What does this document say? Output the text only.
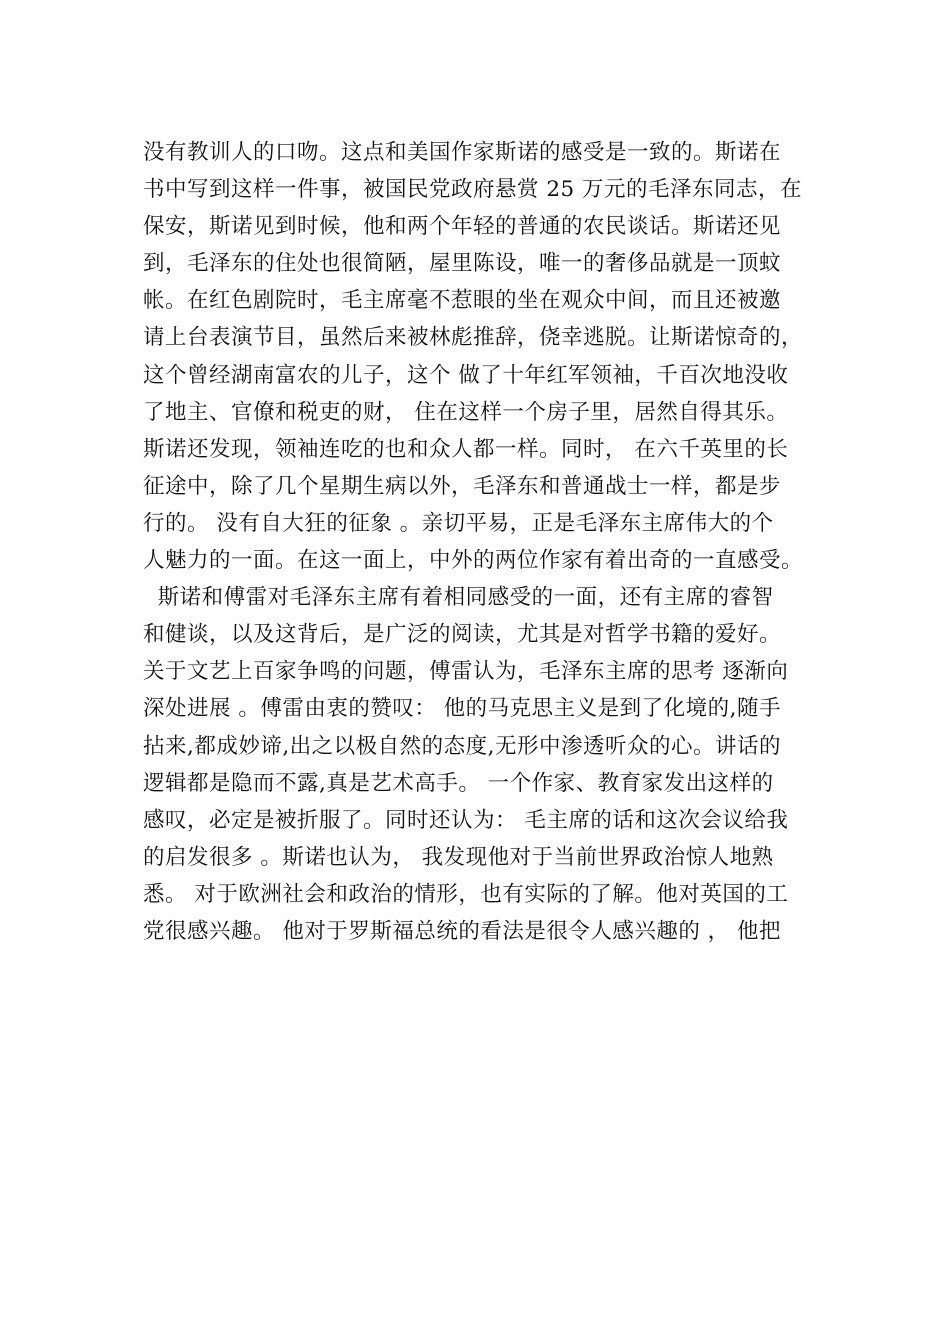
没有教训人的口吻。这点和美国作家斯诺的感受是一致的。斯诺在
书中写到这样一件事，被国民党政府悬赏 25 万元的毛泽东同志，在
保安，斯诺见到时候，他和两个年轻的普通的农民谈话。斯诺还见
到，毛泽东的住处也很简陋，屋里陈设，唯一的奢侈品就是一顶蚊
帐。在红色剧院时，毛主席毫不惹眼的坐在观众中间，而且还被邀
请上台表演节目，虽然后来被林彪推辞，侥幸逃脱。让斯诺惊奇的，
这个曾经湖南富农的儿子，这个 做了十年红军领袖，千百次地没收
了地主、官僚和税吏的财， 住在这样一个房子里，居然自得其乐。
斯诺还发现，领袖连吃的也和众人都一样。同时， 在六千英里的长
征途中，除了几个星期生病以外，毛泽东和普通战士一样，都是步
行的。 没有自大狂的征象 。亲切平易，正是毛泽东主席伟大的个
人魅力的一面。在这一面上，中外的两位作家有着出奇的一直感受。
斯诺和傅雷对毛泽东主席有着相同感受的一面，还有主席的睿智
和健谈，以及这背后，是广泛的阅读，尤其是对哲学书籍的爱好。
关于文艺上百家争鸣的问题，傅雷认为，毛泽东主席的思考 逐渐向
深处进展 。傅雷由衷的赞叹： 他的马克思主义是到了化境的,随手
拈来,都成妙谛,出之以极自然的态度,无形中渗透听众的心。讲话的
逻辑都是隐而不露,真是艺术高手。 一个作家、教育家发出这样的
感叹，必定是被折服了。同时还认为： 毛主席的话和这次会议给我
的启发很多 。斯诺也认为， 我发现他对于当前世界政治惊人地熟
悉。 对于欧洲社会和政治的情形，也有实际的了解。他对英国的工
党很感兴趣。 他对于罗斯福总统的看法是很令人感兴趣的 ， 他把
